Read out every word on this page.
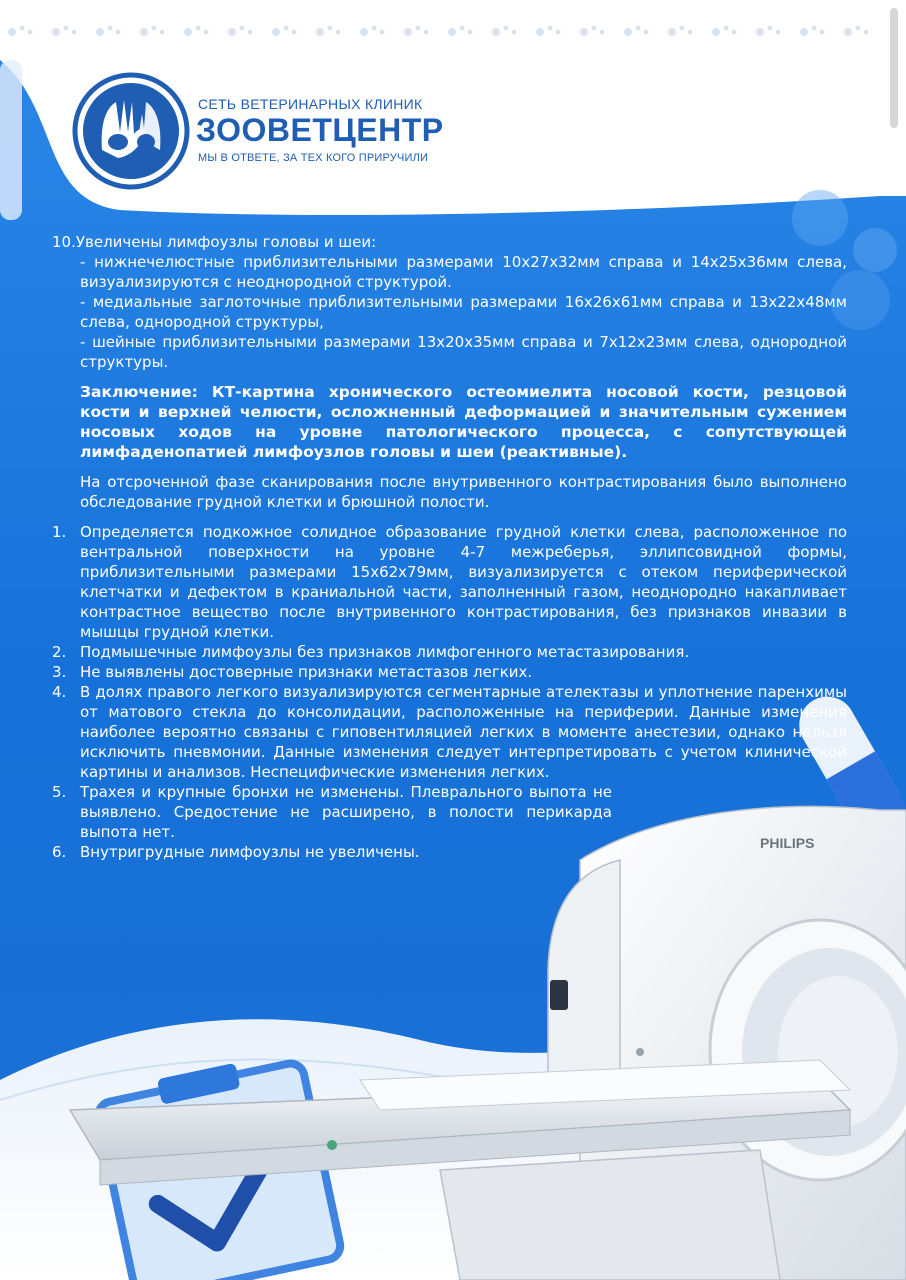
СЕТЬ ВЕТЕРИНАРНЫХ КЛИНИК
ЗООВЕТЦЕНТР
МЫ В ОТВЕТЕ, ЗА ТЕХ КОГО ПРИРУЧИЛИ

10.Увеличены лимфоузлы головы и шеи:

- нижнечелюстные приблизительными размерами 10x27x32мм справа и 14x25x36мм слева, визуализируются с неоднородной структурой.

- медиальные заглоточные приблизительными размерами 16x26x61мм справа и 13x22x48мм слева, однородной структуры,

- шейные приблизительными размерами 13x20x35мм справа и 7x12x23мм слева, однородной структуры.

Заключение: КТ-картина хронического остеомиелита носовой кости, резцовой кости и верхней челюсти, осложненный деформацией и значительным сужением носовых ходов на уровне патологического процесса, с сопутствующей лимфаденопатией лимфоузлов головы и шеи (реактивные).

На отсроченной фазе сканирования после внутривенного контрастирования было выполнено обследование грудной клетки и брюшной полости.

1. Определяется подкожное солидное образование грудной клетки слева, расположенное по вентральной поверхности на уровне 4-7 межреберья, эллипсовидной формы, приблизительными размерами 15x62x79мм, визуализируется с отеком периферической клетчатки и дефектом в краниальной части, заполненный газом, неоднородно накапливает контрастное вещество после внутривенного контрастирования, без признаков инвазии в мышцы грудной клетки.
2. Подмышечные лимфоузлы без признаков лимфогенного метастазирования.
3. Не выявлены достоверные признаки метастазов легких.
4. В долях правого легкого визуализируются сегментарные ателектазы и уплотнение паренхимы от матового стекла до консолидации, расположенные на периферии. Данные изменения наиболее вероятно связаны с гиповентиляцией легких в моменте анестезии, однако нельзя исключить пневмонии. Данные изменения следует интерпретировать с учетом клинической картины и анализов. Неспецифические изменения легких.
5. Трахея и крупные бронхи не изменены. Плеврального выпота не выявлено. Средостение не расширено, в полости перикарда выпота нет.
6. Внутригрудные лимфоузлы не увеличены.	PHILIPS
